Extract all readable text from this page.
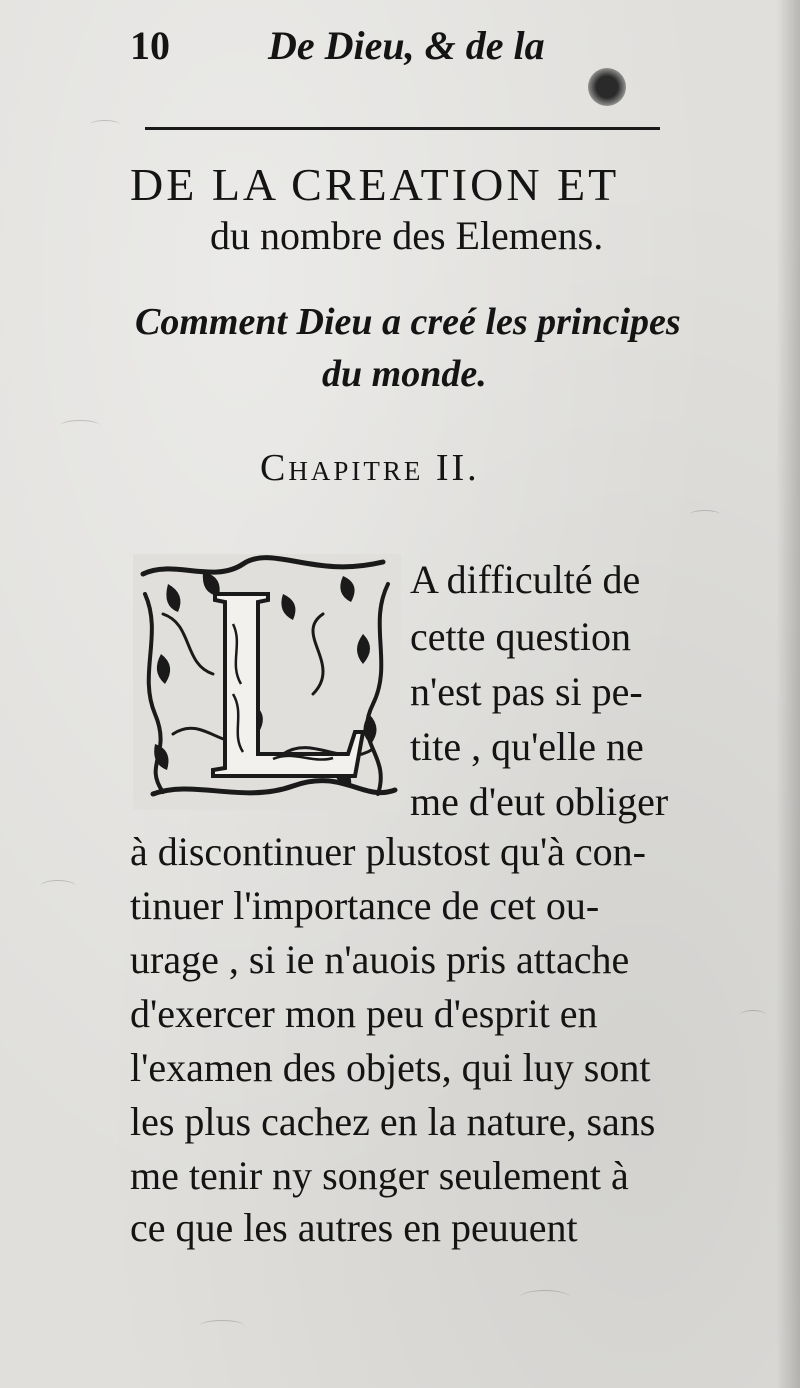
10 De Dieu, & de la
DE LA CREATION ET
du nombre des Elemens.
Comment Dieu a creé les principes
du monde.
Chapitre II.
A difficulté de
cette question
n'est pas si pe-
tite , qu'elle ne
me d'eut obliger
à discontinuer plustost qu'à con-
tinuer l'importance de cet ou-
urage , si ie n'auois pris attache
d'exercer mon peu d'esprit en
l'examen des objets, qui luy sont
les plus cachez en la nature, sans
me tenir ny songer seulement à
ce que les autres en peuuent
